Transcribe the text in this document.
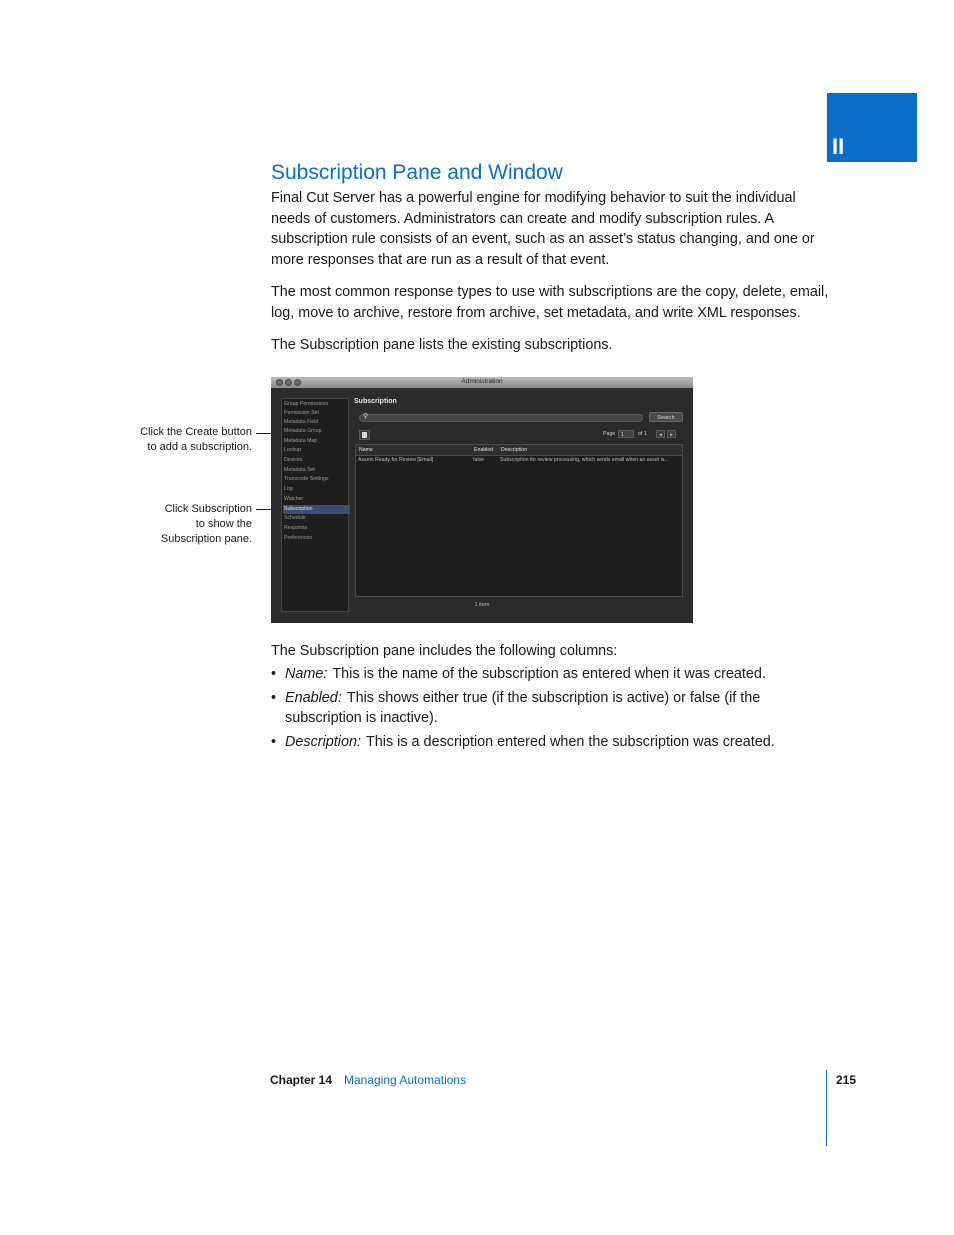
II
Subscription Pane and Window

Final Cut Server has a powerful engine for modifying behavior to suit the individual needs of customers. Administrators can create and modify subscription rules. A subscription rule consists of an event, such as an asset’s status changing, and one or more responses that are run as a result of that event.

The most common response types to use with subscriptions are the copy, delete, email, log, move to archive, restore from archive, set metadata, and write XML responses.

The Subscription pane lists the existing subscriptions.

Click the Create button
to add a subscription.
Click Subscription
to show the
Subscription pane.
Administration
Group Permissions
Permission Set
Metadata Field
Metadata Group
Metadata Map
Lookup
Devices
Metadata Set
Transcode Settings
Log
Watcher
Subscription
Schedule
Response
Preferences
Subscription
⚲	Search
Page	1	of 1	◂	▸
Name	Enabled Description
Assets Ready for Review [Email]	false	Subscription for review processing, which sends email when an asset is...
1 item

The Subscription pane includes the following columns:

• Name: This is the name of the subscription as entered when it was created.
• Enabled: This shows either true (if the subscription is active) or false (if the subscription is inactive).
• Description: This is a description entered when the subscription was created.
Chapter 14 Managing Automations	215
